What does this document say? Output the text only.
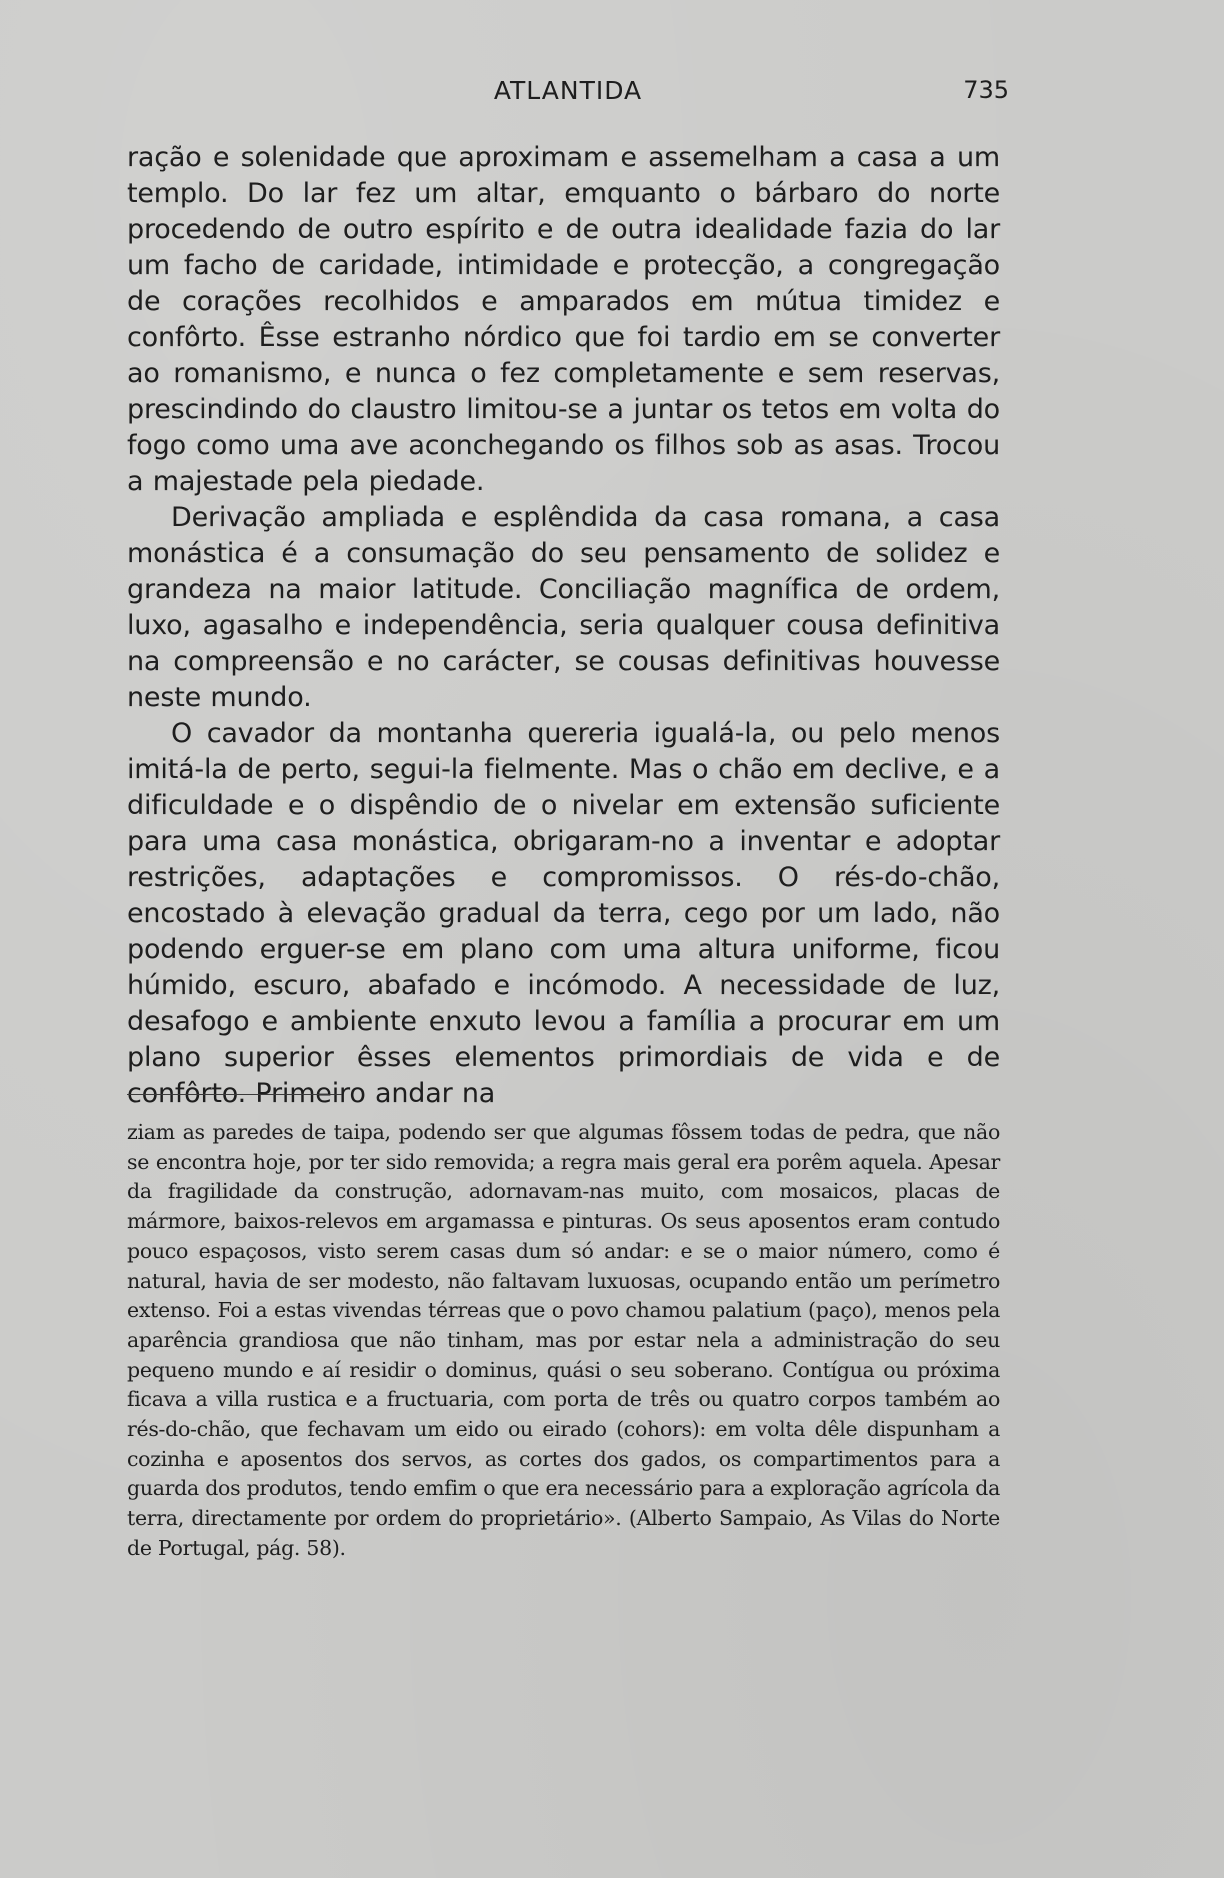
ATLANTIDA	735

ração e solenidade que aproximam e assemelham a casa a um templo. Do lar fez um altar, emquanto o bárbaro do norte procedendo de outro espírito e de outra idealidade fazia do lar um facho de caridade, intimidade e protecção, a congregação de corações recolhidos e amparados em mútua timidez e confôrto. Êsse estranho nórdico que foi tardio em se converter ao romanismo, e nunca o fez completamente e sem reservas, prescindindo do claustro limitou-se a juntar os tetos em volta do fogo como uma ave aconchegando os filhos sob as asas. Trocou a majestade pela piedade.

Derivação ampliada e esplêndida da casa romana, a casa monástica é a consumação do seu pensamento de solidez e grandeza na maior latitude. Conciliação magnífica de ordem, luxo, agasalho e independência, seria qualquer cousa definitiva na compreensão e no carácter, se cousas definitivas houvesse neste mundo.

O cavador da montanha quereria igualá-la, ou pelo menos imitá-la de perto, segui-la fielmente. Mas o chão em declive, e a dificuldade e o dispêndio de o nivelar em extensão suficiente para uma casa monástica, obrigaram-no a inventar e adoptar restrições, adaptações e compromissos. O rés-do-chão, encostado à elevação gradual da terra, cego por um lado, não podendo erguer-se em plano com uma altura uniforme, ficou húmido, escuro, abafado e incómodo. A necessidade de luz, desafogo e ambiente enxuto levou a família a procurar em um plano superior êsses elementos primordiais de vida e de confôrto. Primeiro andar na

ziam as paredes de taipa, podendo ser que algumas fôssem todas de pedra, que não se encontra hoje, por ter sido removida; a regra mais geral era porêm aquela. Apesar da fragilidade da construção, adornavam-nas muito, com mosaicos, placas de mármore, baixos-relevos em argamassa e pinturas. Os seus aposentos eram contudo pouco espaçosos, visto serem casas dum só andar: e se o maior número, como é natural, havia de ser modesto, não faltavam luxuosas, ocupando então um perímetro extenso. Foi a estas vivendas térreas que o povo chamou palatium (paço), menos pela aparência grandiosa que não tinham, mas por estar nela a administração do seu pequeno mundo e aí residir o dominus, quási o seu soberano. Contígua ou próxima ficava a villa rustica e a fructuaria, com porta de três ou quatro corpos também ao rés-do-chão, que fechavam um eido ou eirado (cohors): em volta dêle dispunham a cozinha e aposentos dos servos, as cortes dos gados, os compartimentos para a guarda dos produtos, tendo emfim o que era necessário para a exploração agrícola da terra, directamente por ordem do proprietário». (Alberto Sampaio, As Vilas do Norte de Portugal, pág. 58).
